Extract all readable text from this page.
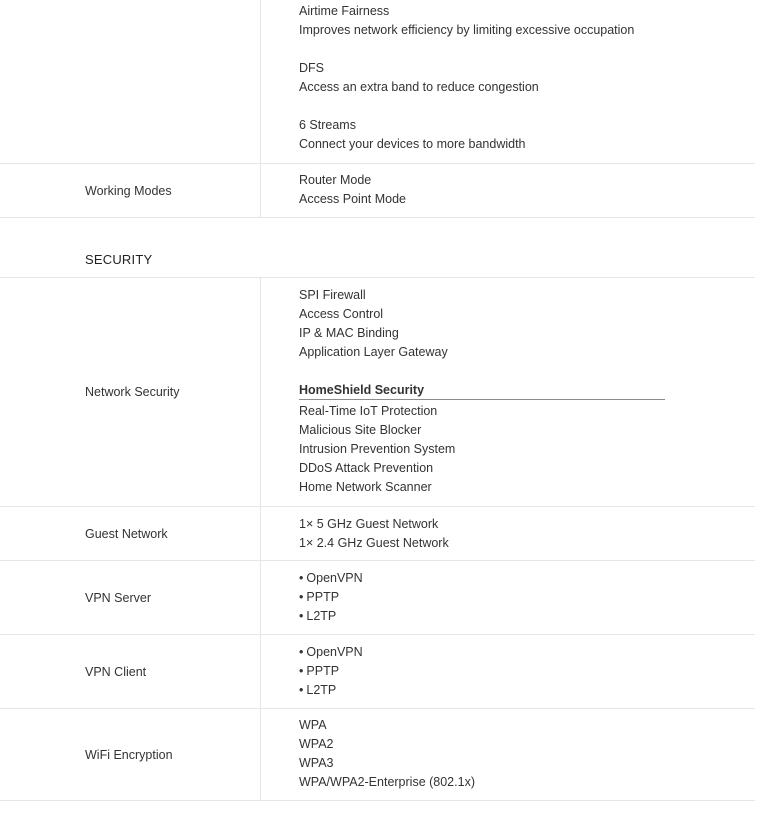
Airtime Fairness
Improves network efficiency by limiting excessive occupation
DFS
Access an extra band to reduce congestion
6 Streams
Connect your devices to more bandwidth
Working Modes
Router Mode
Access Point Mode
SECURITY
Network Security
SPI Firewall
Access Control
IP & MAC Binding
Application Layer Gateway
HomeShield Security
Real-Time IoT Protection
Malicious Site Blocker
Intrusion Prevention System
DDoS Attack Prevention
Home Network Scanner
Guest Network
1× 5 GHz Guest Network
1× 2.4 GHz Guest Network
VPN Server
• OpenVPN
• PPTP
• L2TP
VPN Client
• OpenVPN
• PPTP
• L2TP
WiFi Encryption
WPA
WPA2
WPA3
WPA/WPA2-Enterprise (802.1x)
